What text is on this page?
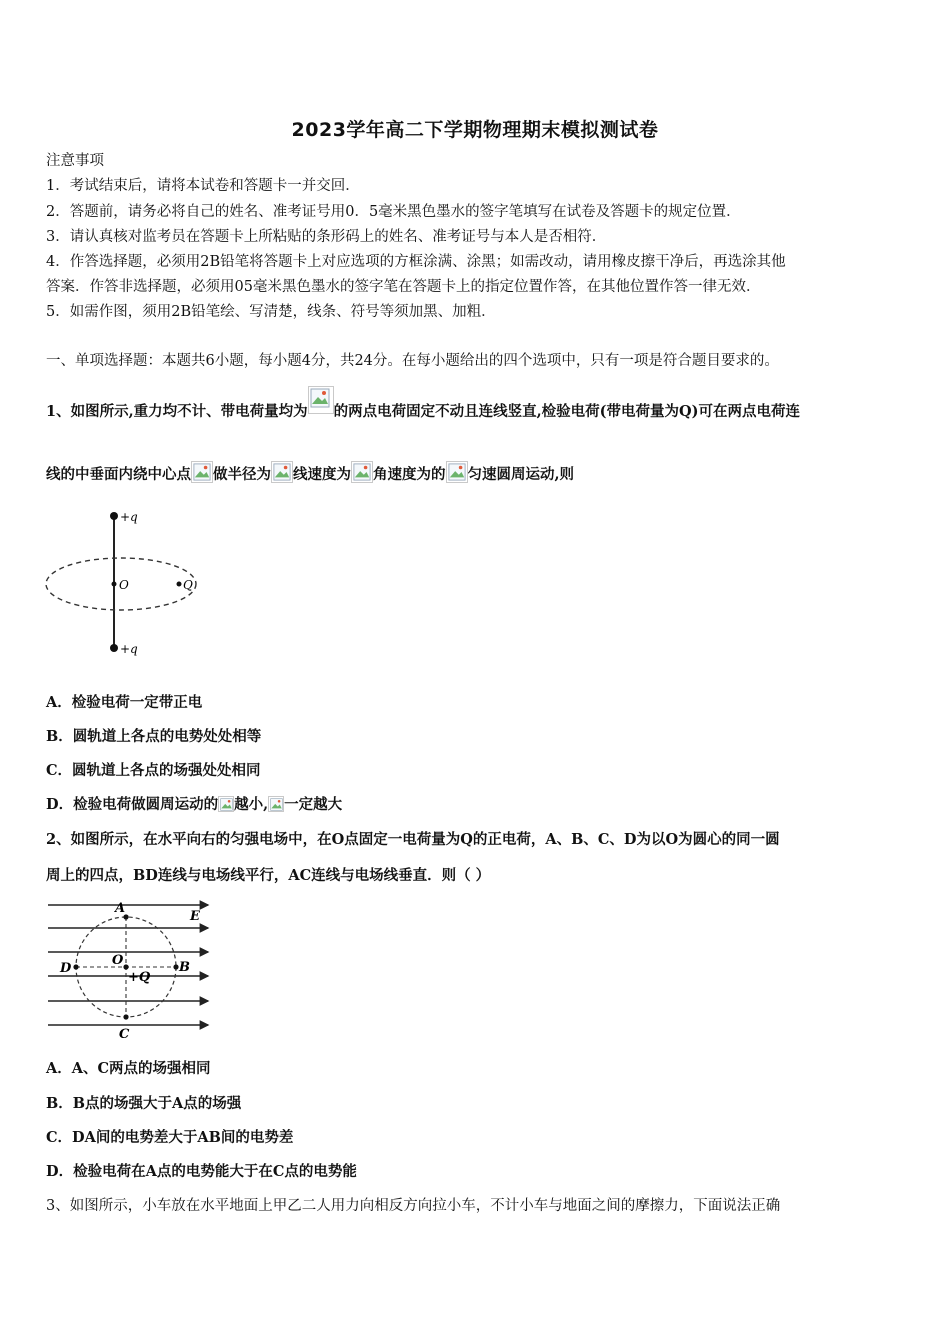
2023学年高二下学期物理期末模拟测试卷
注意事项
1．考试结束后，请将本试卷和答题卡一并交回．
2．答题前，请务必将自己的姓名、准考证号用0．5毫米黑色墨水的签字笔填写在试卷及答题卡的规定位置．
3．请认真核对监考员在答题卡上所粘贴的条形码上的姓名、准考证号与本人是否相符．
4．作答选择题，必须用2B铅笔将答题卡上对应选项的方框涂满、涂黑；如需改动，请用橡皮擦干净后，再选涂其他
答案．作答非选择题，必须用05毫米黑色墨水的签字笔在答题卡上的指定位置作答，在其他位置作答一律无效．
5．如需作图，须用2B铅笔绘、写清楚，线条、符号等须加黑、加粗．
一、单项选择题：本题共6小题，每小题4分，共24分。在每小题给出的四个选项中，只有一项是符合题目要求的。
1、如图所示,重力均不计、带电荷量均为 的两点电荷固定不动且连线竖直,检验电荷(带电荷量为Q)可在两点电荷连
线的中垂面内绕中心点 做半径为 线速度为 角速度为的 匀速圆周运动,则
+q
+q
O	Q
A．检验电荷一定带正电
B．圆轨道上各点的电势处处相等
C．圆轨道上各点的场强处处相同
D．检验电荷做圆周运动的 越小, 一定越大
2、如图所示，在水平向右的匀强电场中，在O点固定一电荷量为Q的正电荷，A、B、C、D为以O为圆心的同一圆
周上的四点，BD连线与电场线平行，AC连线与电场线垂直．则（ ）
A
B
C
D
O
+Q
E
A．A、C两点的场强相同
B．B点的场强大于A点的场强
C．DA间的电势差大于AB间的电势差
D．检验电荷在A点的电势能大于在C点的电势能
3、如图所示，小车放在水平地面上甲乙二人用力向相反方向拉小车，不计小车与地面之间的摩擦力，下面说法正确
